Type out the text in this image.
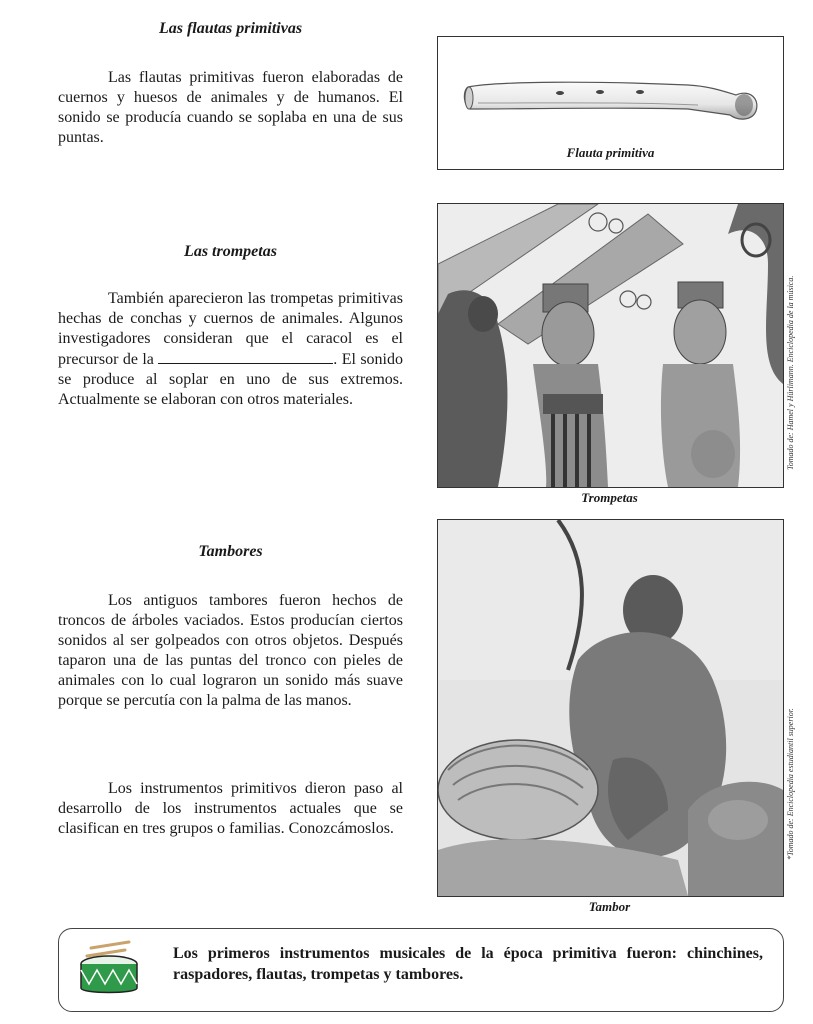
Las flautas primitivas

Las flautas primitivas fueron elaboradas de cuernos y huesos de animales y de humanos. El sonido se producía cuando se soplaba en una de sus puntas.

Flauta primitiva

Las trompetas

También aparecieron las trompetas primitivas hechas de conchas y cuernos de animales. Algunos investigadores consideran que el caracol es el precursor de la	. El sonido se produce al soplar en uno de sus extremos. Actualmente se elaboran con otros materiales.

Trompetas
Tomado de: Hamel y Hürlimann. Enciclopedia de la música.

Tambores

Los antiguos tambores fueron hechos de troncos de árboles vaciados. Estos producían ciertos sonidos al ser golpeados con otros objetos. Después taparon una de las puntas del tronco con pieles de animales con lo cual lograron un sonido más suave porque se percutía con la palma de las manos.

Los instrumentos primitivos dieron paso al desarrollo de los instrumentos actuales que se clasifican en tres grupos o familias. Conozcámoslos.

Tambor
*Tomado de: Enciclopedia estudiantil superior.

Los primeros instrumentos musicales de la época primitiva fueron: chinchines, raspadores, flautas, trompetas y tambores.
